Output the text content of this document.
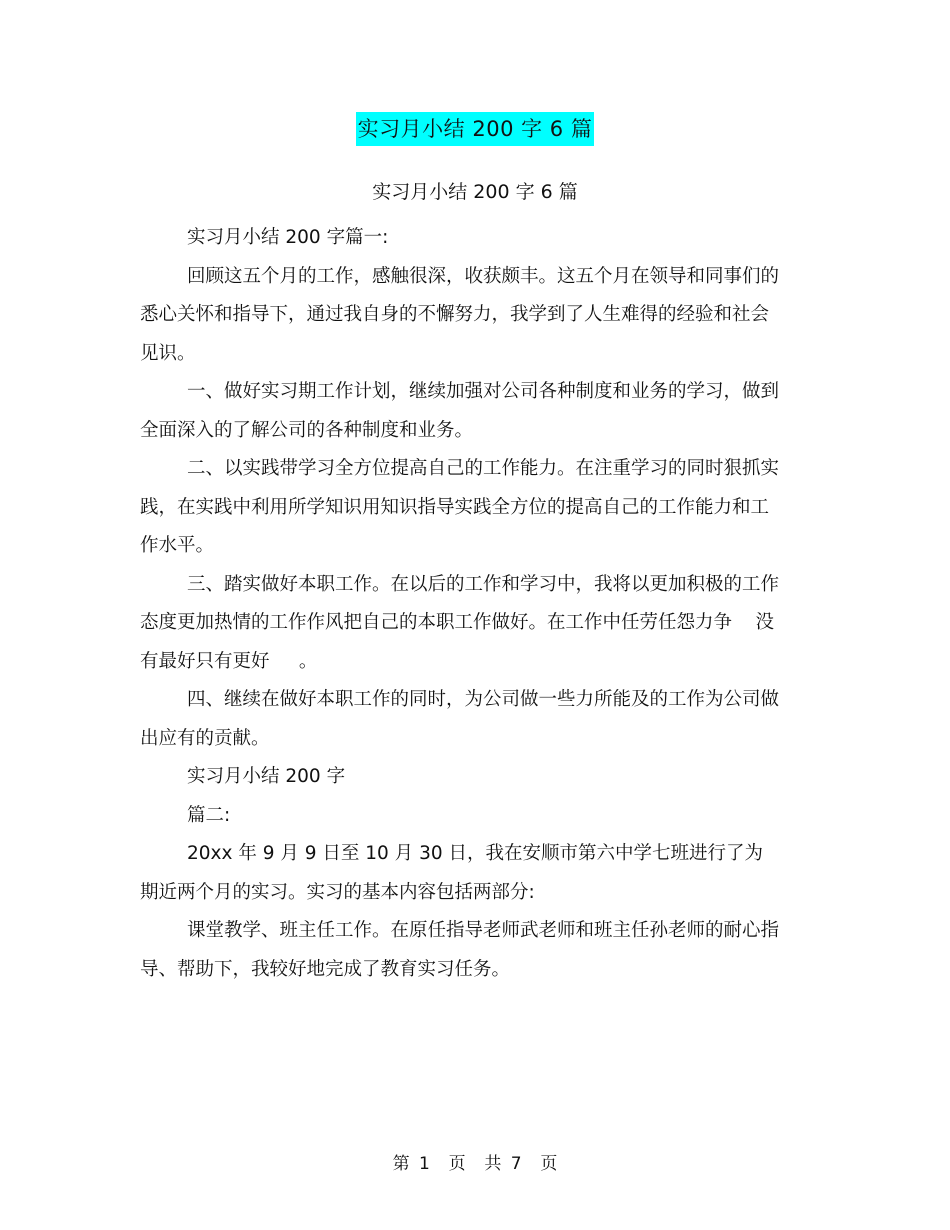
实习月小结 200 字 6 篇
实习月小结 200 字 6 篇

实习月小结 200 字篇一:

回顾这五个月的工作，感触很深，收获颇丰。这五个月在领导和同事们的悉心关怀和指导下，通过我自身的不懈努力，我学到了人生难得的经验和社会见识。

一、做好实习期工作计划，继续加强对公司各种制度和业务的学习，做到全面深入的了解公司的各种制度和业务。

二、以实践带学习全方位提高自己的工作能力。在注重学习的同时狠抓实践，在实践中利用所学知识用知识指导实践全方位的提高自己的工作能力和工作水平。

三、踏实做好本职工作。在以后的工作和学习中，我将以更加积极的工作态度更加热情的工作作风把自己的本职工作做好。在工作中任劳任怨力争    没有最好只有更好     。

四、继续在做好本职工作的同时，为公司做一些力所能及的工作为公司做出应有的贡献。

实习月小结 200 字

篇二:

20xx 年 9 月 9 日至 10 月 30 日，我在安顺市第六中学七班进行了为期近两个月的实习。实习的基本内容包括两部分:

课堂教学、班主任工作。在原任指导老师武老师和班主任孙老师的耐心指导、帮助下，我较好地完成了教育实习任务。

第 1  页  共 7  页
